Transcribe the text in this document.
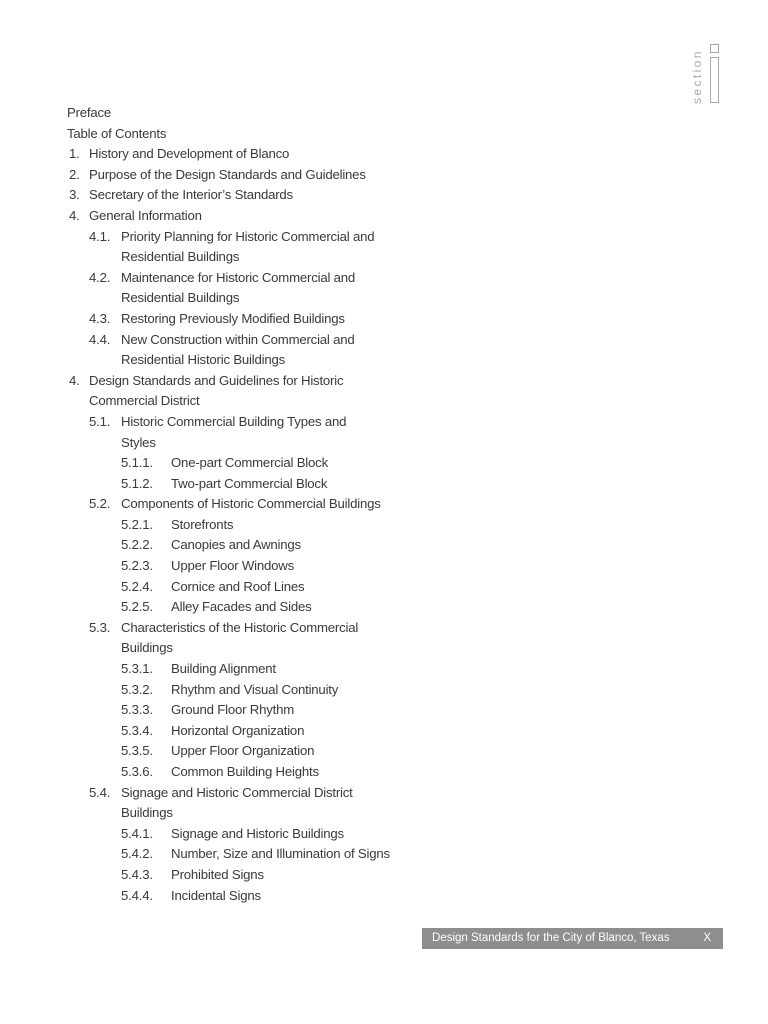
section
Preface
Table of Contents
1. History and Development of Blanco
2. Purpose of the Design Standards and Guidelines
3. Secretary of the Interior’s Standards
4. General Information
4.1. Priority Planning for Historic Commercial and
Residential Buildings
4.2. Maintenance for Historic Commercial and
Residential Buildings
4.3. Restoring Previously Modified Buildings
4.4. New Construction within Commercial and
Residential Historic Buildings
4. Design Standards and Guidelines for Historic
Commercial District
5.1. Historic Commercial Building Types and
Styles
5.1.1. One-part Commercial Block
5.1.2. Two-part Commercial Block
5.2. Components of Historic Commercial Buildings
5.2.1. Storefronts
5.2.2. Canopies and Awnings
5.2.3. Upper Floor Windows
5.2.4. Cornice and Roof Lines
5.2.5. Alley Facades and Sides
5.3. Characteristics of the Historic Commercial
Buildings
5.3.1. Building Alignment
5.3.2. Rhythm and Visual Continuity
5.3.3. Ground Floor Rhythm
5.3.4. Horizontal Organization
5.3.5. Upper Floor Organization
5.3.6. Common Building Heights
5.4. Signage and Historic Commercial District
Buildings
5.4.1. Signage and Historic Buildings
5.4.2. Number, Size and Illumination of Signs
5.4.3. Prohibited Signs
5.4.4. Incidental Signs
Design Standards for the City of Blanco, Texas	X
